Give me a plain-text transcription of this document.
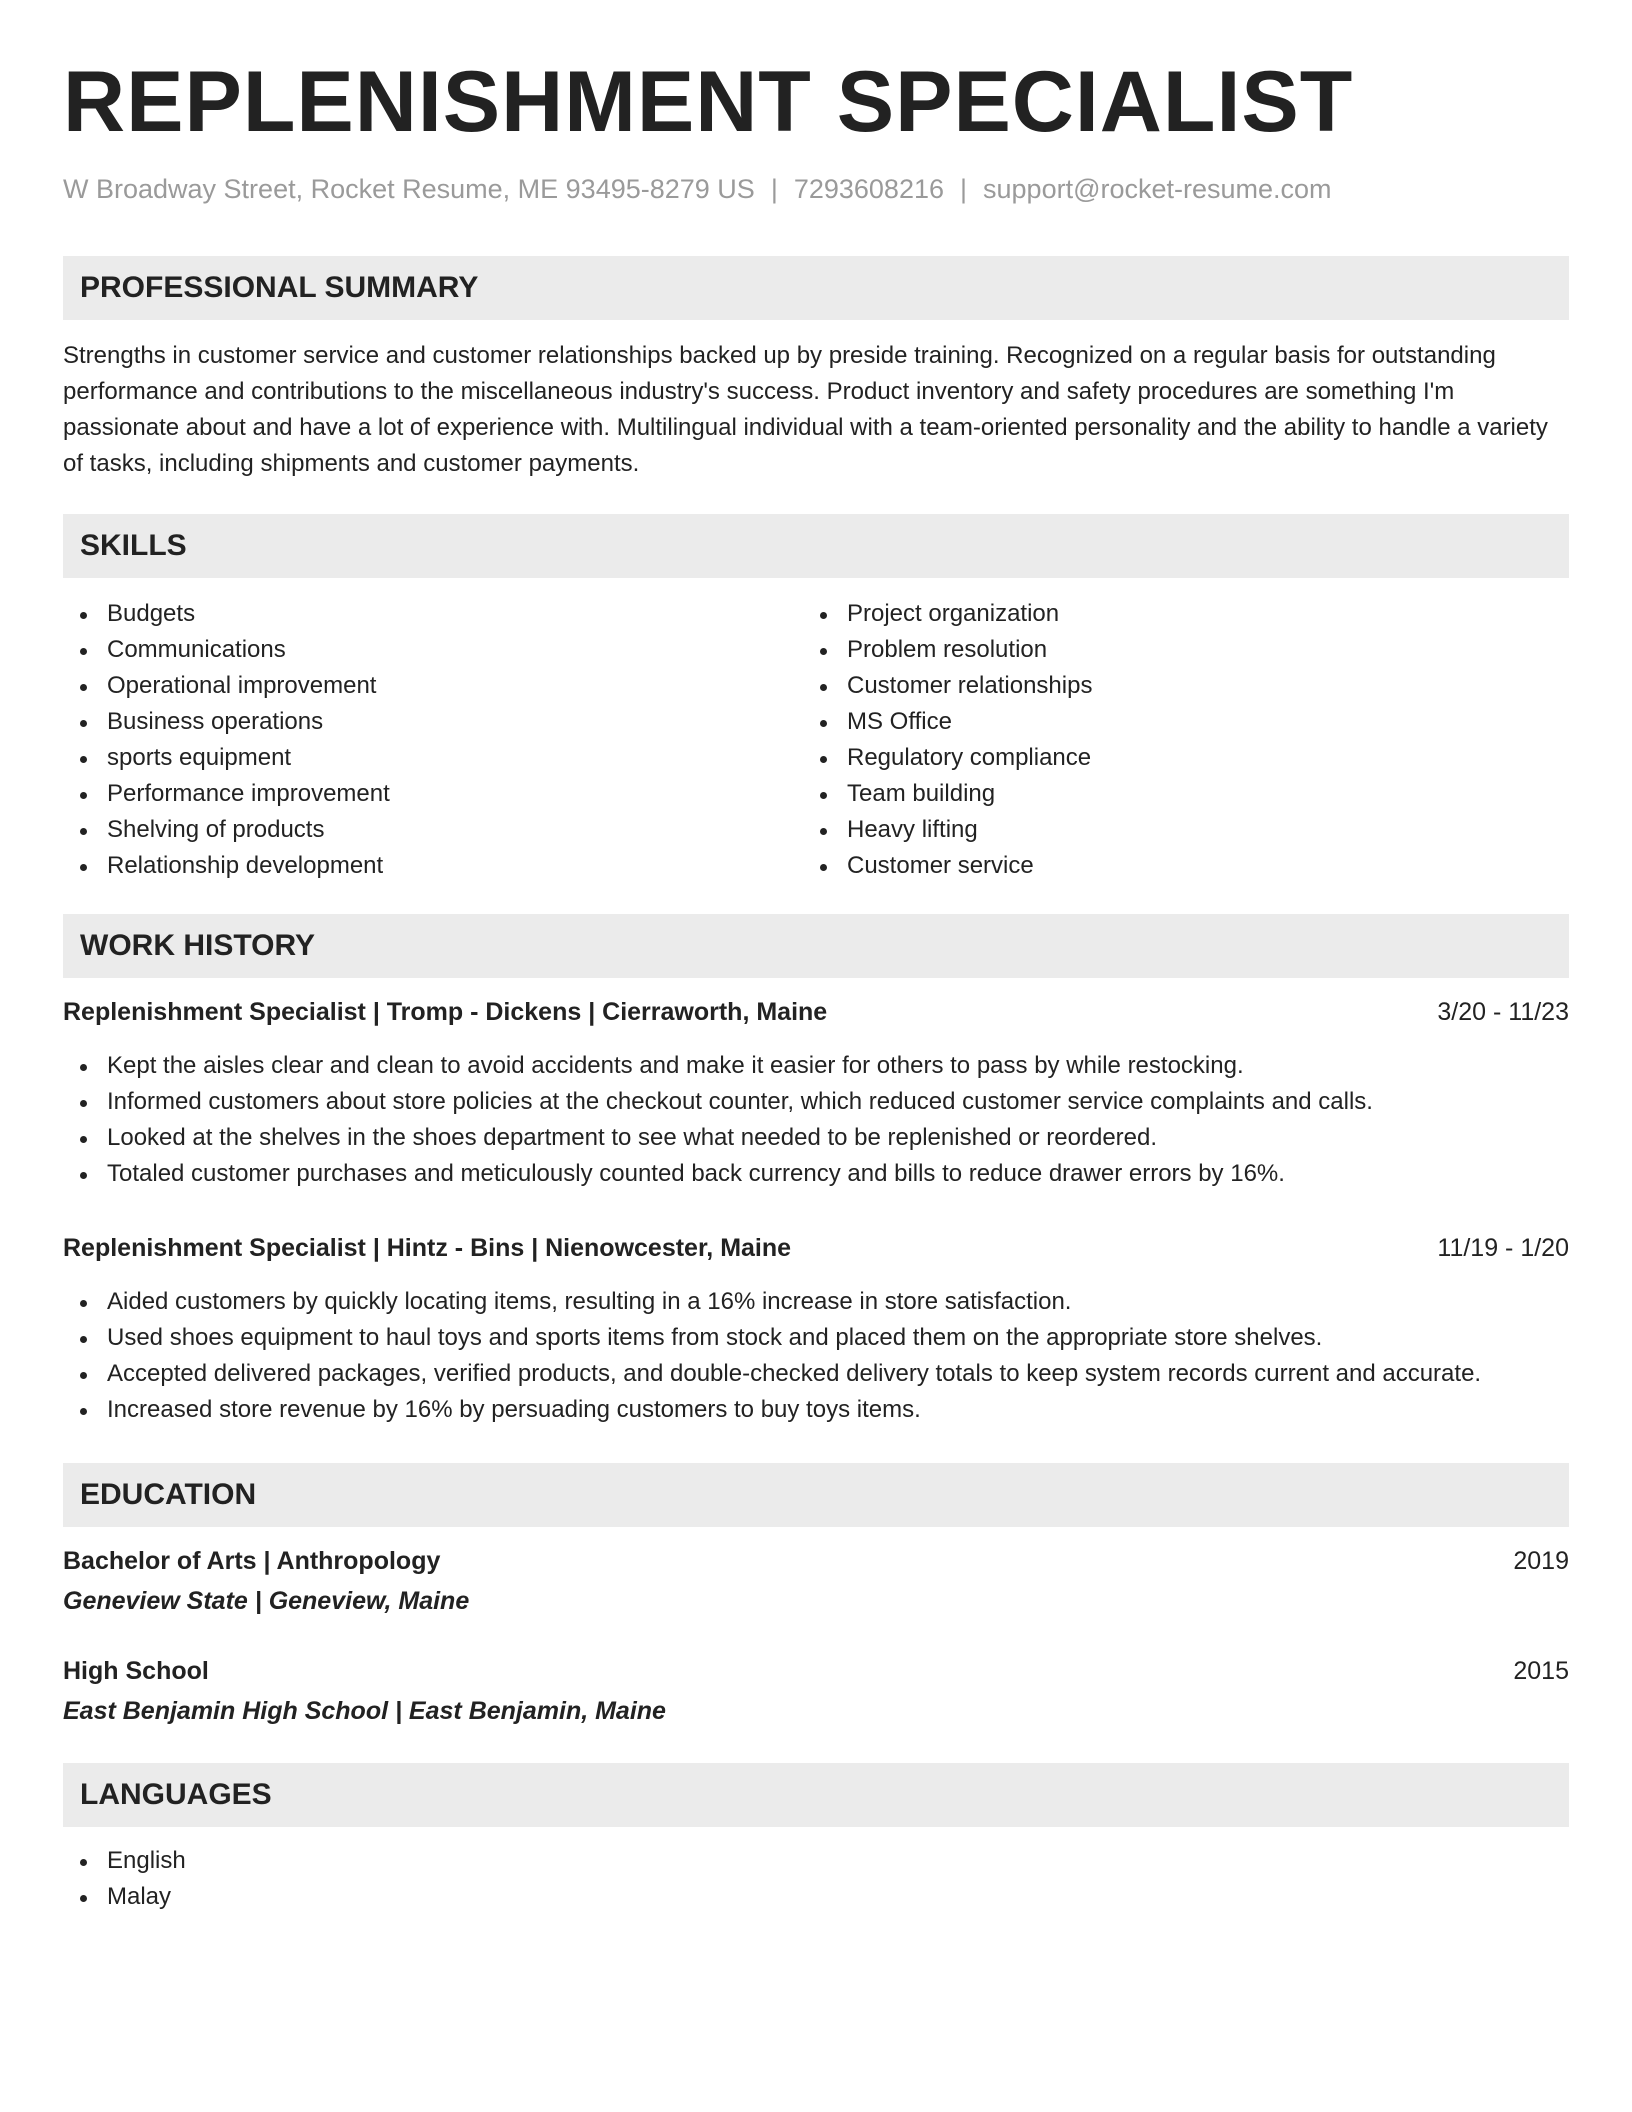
REPLENISHMENT SPECIALIST
W Broadway Street, Rocket Resume, ME 93495-8279 US | 7293608216 | support@rocket-resume.com
PROFESSIONAL SUMMARY

Strengths in customer service and customer relationships backed up by preside training. Recognized on a regular basis for outstanding performance and contributions to the miscellaneous industry's success. Product inventory and safety procedures are something I'm passionate about and have a lot of experience with. Multilingual individual with a team-oriented personality and the ability to handle a variety of tasks, including shipments and customer payments.

SKILLS
Budgets
Communications
Operational improvement
Business operations
sports equipment
Performance improvement
Shelving of products
Relationship development
Project organization
Problem resolution
Customer relationships
MS Office
Regulatory compliance
Team building
Heavy lifting
Customer service
WORK HISTORY
Replenishment Specialist | Tromp - Dickens | Cierraworth, Maine	3/20 - 11/23
Kept the aisles clear and clean to avoid accidents and make it easier for others to pass by while restocking.
Informed customers about store policies at the checkout counter, which reduced customer service complaints and calls.
Looked at the shelves in the shoes department to see what needed to be replenished or reordered.
Totaled customer purchases and meticulously counted back currency and bills to reduce drawer errors by 16%.
Replenishment Specialist | Hintz - Bins | Nienowcester, Maine	11/19 - 1/20
Aided customers by quickly locating items, resulting in a 16% increase in store satisfaction.
Used shoes equipment to haul toys and sports items from stock and placed them on the appropriate store shelves.
Accepted delivered packages, verified products, and double-checked delivery totals to keep system records current and accurate.
Increased store revenue by 16% by persuading customers to buy toys items.
EDUCATION
Bachelor of Arts | Anthropology	2019
Geneview State | Geneview, Maine
High School	2015
East Benjamin High School | East Benjamin, Maine
LANGUAGES
English
Malay
